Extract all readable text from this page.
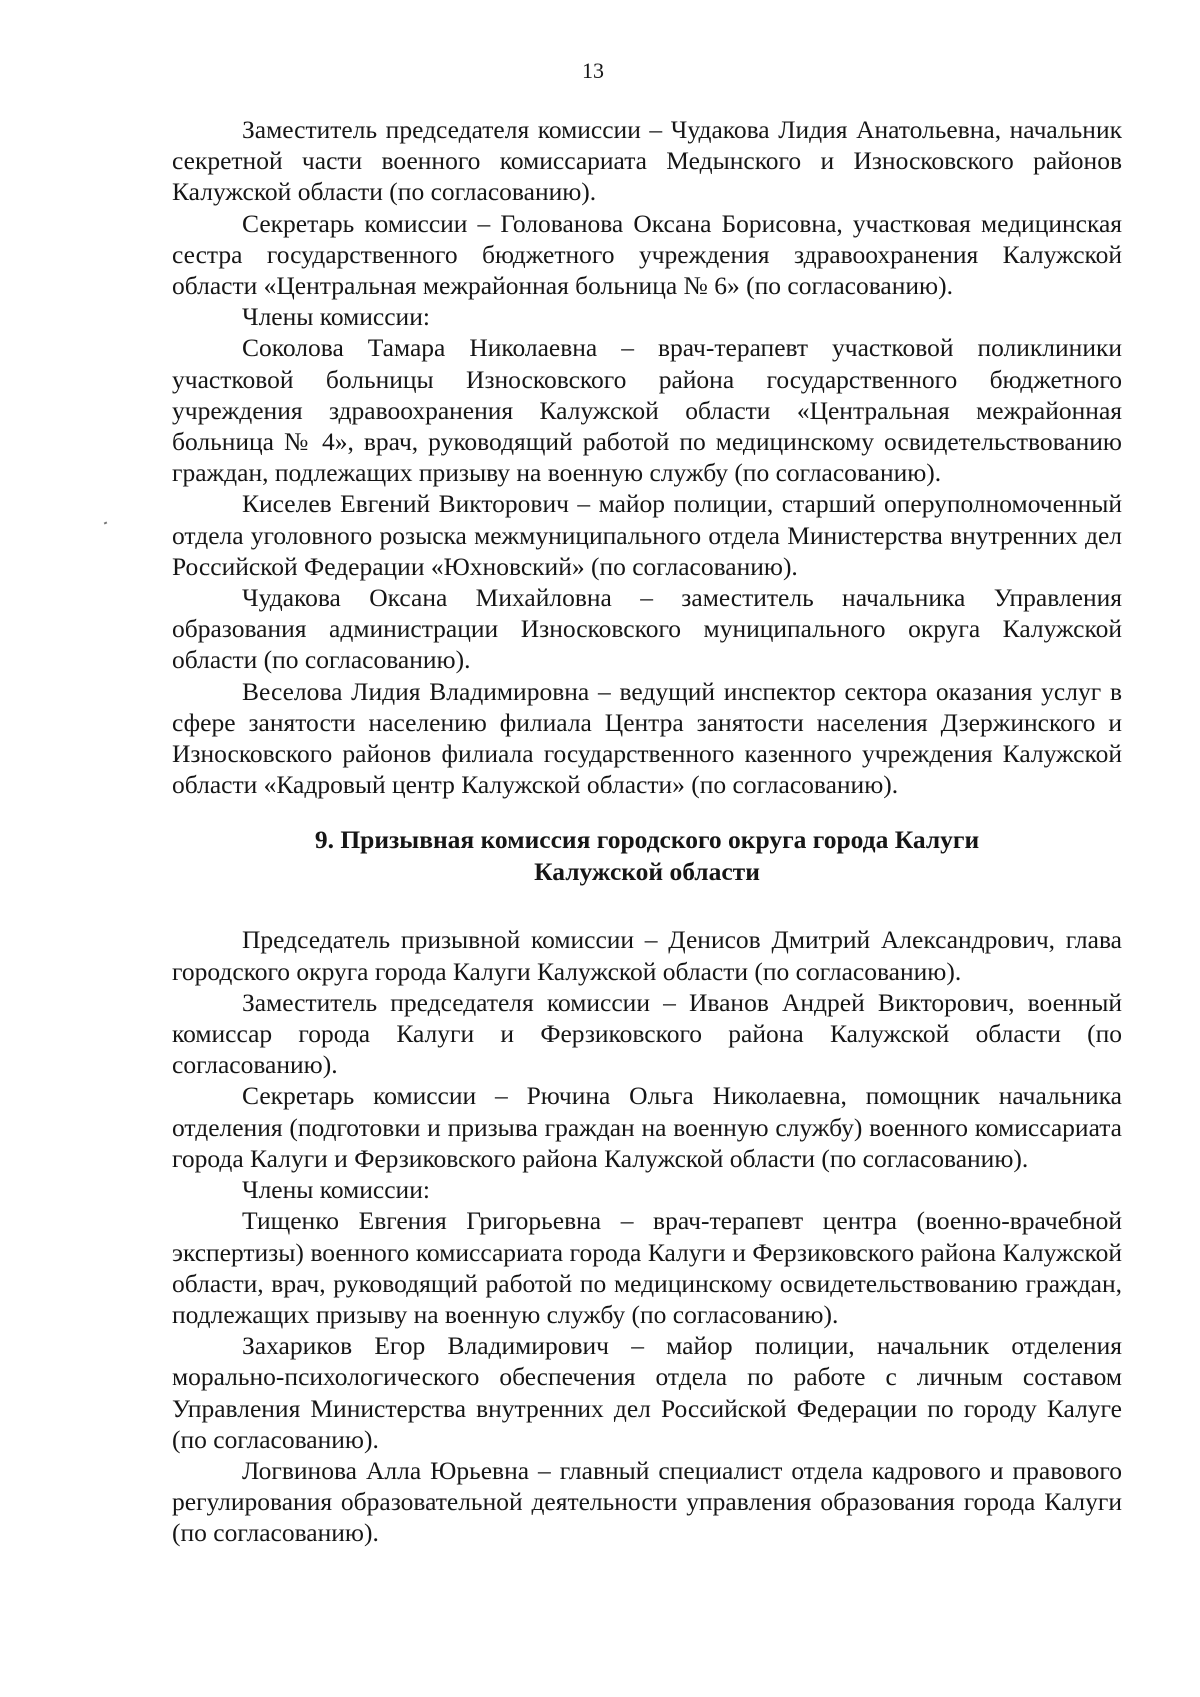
13

Заместитель председателя комиссии – Чудакова Лидия Анатольевна, начальник секретной части военного комиссариата Медынского и Износковского районов Калужской области (по согласованию).

Секретарь комиссии – Голованова Оксана Борисовна, участковая медицинская сестра государственного бюджетного учреждения здравоохранения Калужской области «Центральная межрайонная больница № 6» (по согласованию).

Члены комиссии:

Соколова Тамара Николаевна – врач-терапевт участковой поликлиники участковой больницы Износковского района государственного бюджетного учреждения здравоохранения Калужской области «Центральная межрайонная больница № 4», врач, руководящий работой по медицинскому освидетельствованию граждан, подлежащих призыву на военную службу (по согласованию).

Киселев Евгений Викторович – майор полиции, старший оперуполномоченный отдела уголовного розыска межмуниципального отдела Министерства внутренних дел Российской Федерации «Юхновский» (по согласованию).

Чудакова Оксана Михайловна – заместитель начальника Управления образования администрации Износковского муниципального округа Калужской области (по согласованию).

Веселова Лидия Владимировна – ведущий инспектор сектора оказания услуг в сфере занятости населению филиала Центра занятости населения Дзержинского и Износковского районов филиала государственного казенного учреждения Калужской области «Кадровый центр Калужской области» (по согласованию).

9. Призывная комиссия городского округа города Калуги
Калужской области

Председатель призывной комиссии – Денисов Дмитрий Александрович, глава городского округа города Калуги Калужской области (по согласованию).

Заместитель председателя комиссии – Иванов Андрей Викторович, военный комиссар города Калуги и Ферзиковского района Калужской области (по согласованию).

Секретарь комиссии – Рючина Ольга Николаевна, помощник начальника отделения (подготовки и призыва граждан на военную службу) военного комиссариата города Калуги и Ферзиковского района Калужской области (по согласованию).

Члены комиссии:

Тищенко Евгения Григорьевна – врач-терапевт центра (военно-врачебной экспертизы) военного комиссариата города Калуги и Ферзиковского района Калужской области, врач, руководящий работой по медицинскому освидетельствованию граждан, подлежащих призыву на военную службу (по согласованию).

Захариков Егор Владимирович – майор полиции, начальник отделения морально-психологического обеспечения отдела по работе с личным составом Управления Министерства внутренних дел Российской Федерации по городу Калуге (по согласованию).

Логвинова Алла Юрьевна – главный специалист отдела кадрового и правового регулирования образовательной деятельности управления образования города Калуги (по согласованию).
